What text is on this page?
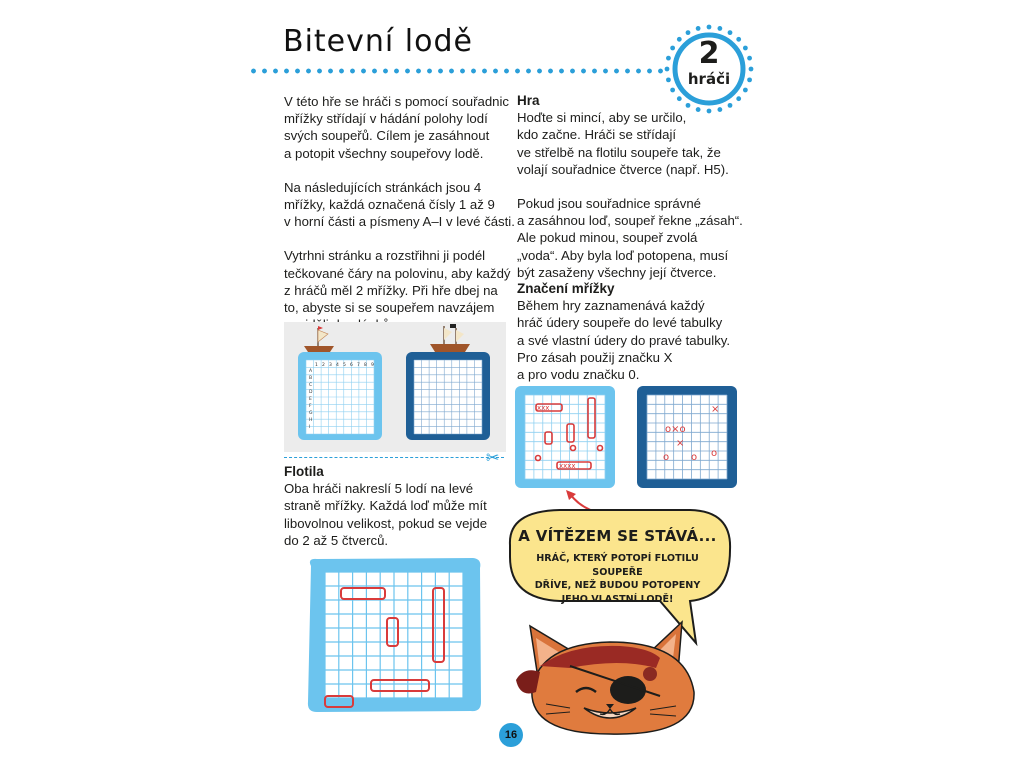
Bitevní lodě	2
hráči

V této hře se hráči s pomocí souřadnic
mřížky střídají v hádání polohy lodí
svých soupeřů. Cílem je zasáhnout
a potopit všechny soupeřovy lodě.

Na následujících stránkách jsou 4
mřížky, každá označená čísly 1 až 9
v horní části a písmeny A–I v levé části.

Vytrhni stránku a rozstřihni ji podél
tečkované čáry na polovinu, aby každý
z hráčů měl 2 mřížky. Při hře dbej na
to, abyste si se soupeřem navzájem

A
B
C
D
E
F
G
H
I
1 2 3 4 5 6 7 8 9
✂
Flotila
Oba hráči nakreslí 5 lodí na levé
straně mřížky. Každá loď může mít
libovolnou velikost, pokud se vejde
do 2 až 5 čtverců.
Hra

Hoďte si mincí, aby se určilo,
kdo začne. Hráči se střídají
ve střelbě na flotilu soupeře tak, že
volají souřadnice čtverce (např. H5).

Pokud jsou souřadnice správné
a zasáhnou loď, soupeř řekne „zásah“.
Ale pokud minou, soupeř zvolá
„voda“. Aby byla loď potopena, musí
být zasaženy všechny její čtverce.

Značení mřížky
Během hry zaznamenává každý
hráč údery soupeře do levé tabulky
a své vlastní údery do pravé tabulky.
Pro zásah použij značku X
a pro vodu značku 0.
xxx
xxxx
×
o×o
×
o o o
A VÍTĚZEM SE STÁVÁ...
HRÁČ, KTERÝ POTOPÍ FLOTILU SOUPEŘE
DŘÍVE, NEŽ BUDOU POTOPENY
JEHO VLASTNÍ LODĚ!
16
